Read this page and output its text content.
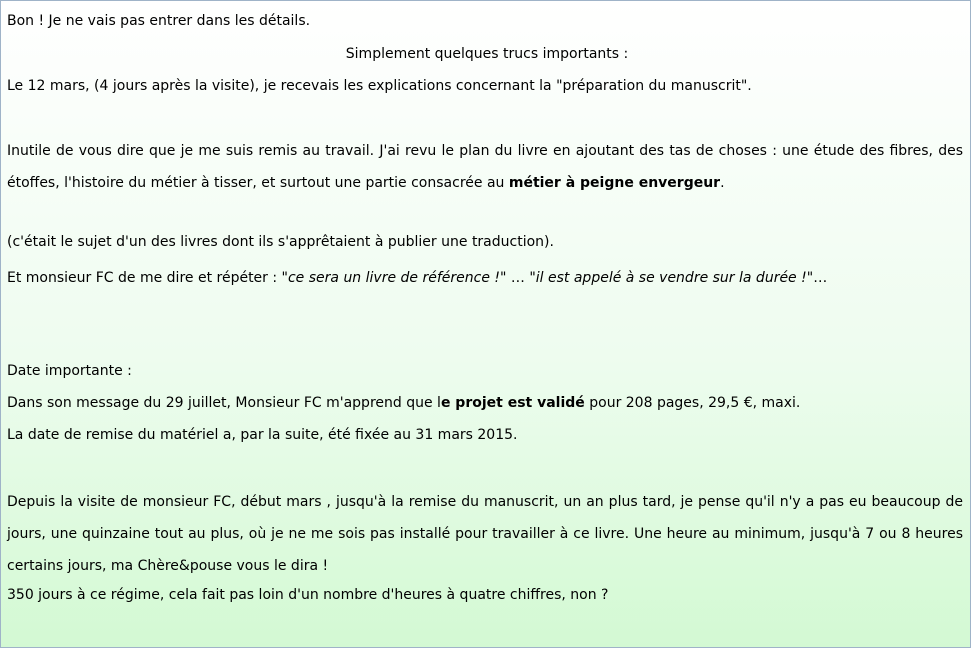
Bon ! Je ne vais pas entrer dans les détails.
Simplement quelques trucs importants :
Le 12 mars, (4 jours après la visite), je recevais les explications concernant la "préparation du manuscrit".
Inutile de vous dire que je me suis remis au travail. J'ai revu le plan du livre en ajoutant des tas de choses : une étude des fibres, des étoffes, l'histoire du métier à tisser, et surtout une partie consacrée au métier à peigne envergeur.
(c'était le sujet d'un des livres dont ils s'apprêtaient à publier une traduction).
Et monsieur FC de me dire et répéter : "ce sera un livre de référence !" … "il est appelé à se vendre sur la durée !"…
Date importante :
Dans son message du 29 juillet, Monsieur FC m'apprend que le projet est validé pour 208 pages, 29,5 €, maxi.
La date de remise du matériel a, par la suite, été fixée au 31 mars 2015.
Depuis la visite de monsieur FC, début mars , jusqu'à la remise du manuscrit, un an plus tard, je pense qu'il n'y a pas eu beaucoup de jours, une quinzaine tout au plus, où je ne me sois pas installé pour travailler à ce livre. Une heure au minimum, jusqu'à 7 ou 8 heures certains jours, ma Chère&pouse vous le dira !
350 jours à ce régime, cela fait pas loin d'un nombre d'heures à quatre chiffres, non ?
